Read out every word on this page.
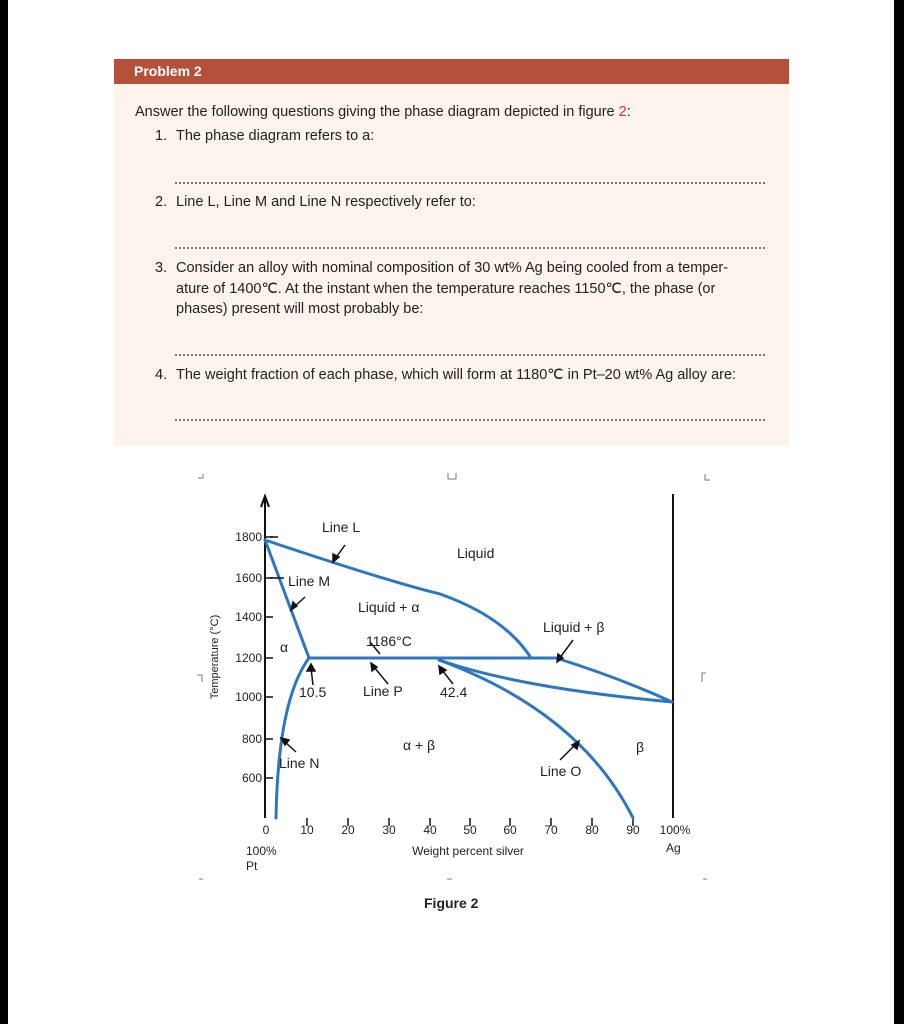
Problem 2
Answer the following questions giving the phase diagram depicted in figure 2:
1. The phase diagram refers to a:
2. Line L, Line M and Line N respectively refer to:
3. Consider an alloy with nominal composition of 30 wt% Ag being cooled from a temper-
ature of 1400℃. At the instant when the temperature reaches 1150℃, the phase (or
phases) present will most probably be:
4. The weight fraction of each phase, which will form at 1180℃ in Pt–20 wt% Ag alloy are:
1800
1600
1400
1200
1000
800
600
Temperature (°C)
0	10 20 30 40 50 60 70 80 90 100%
100%
Pt
Ag
Weight percent silver
Line L
Line M
Liquid
Liquid + α
Liquid + β
α	1186°C
10.5	Line P	42.4
α + β	β
Line N	Line O
Figure 2
